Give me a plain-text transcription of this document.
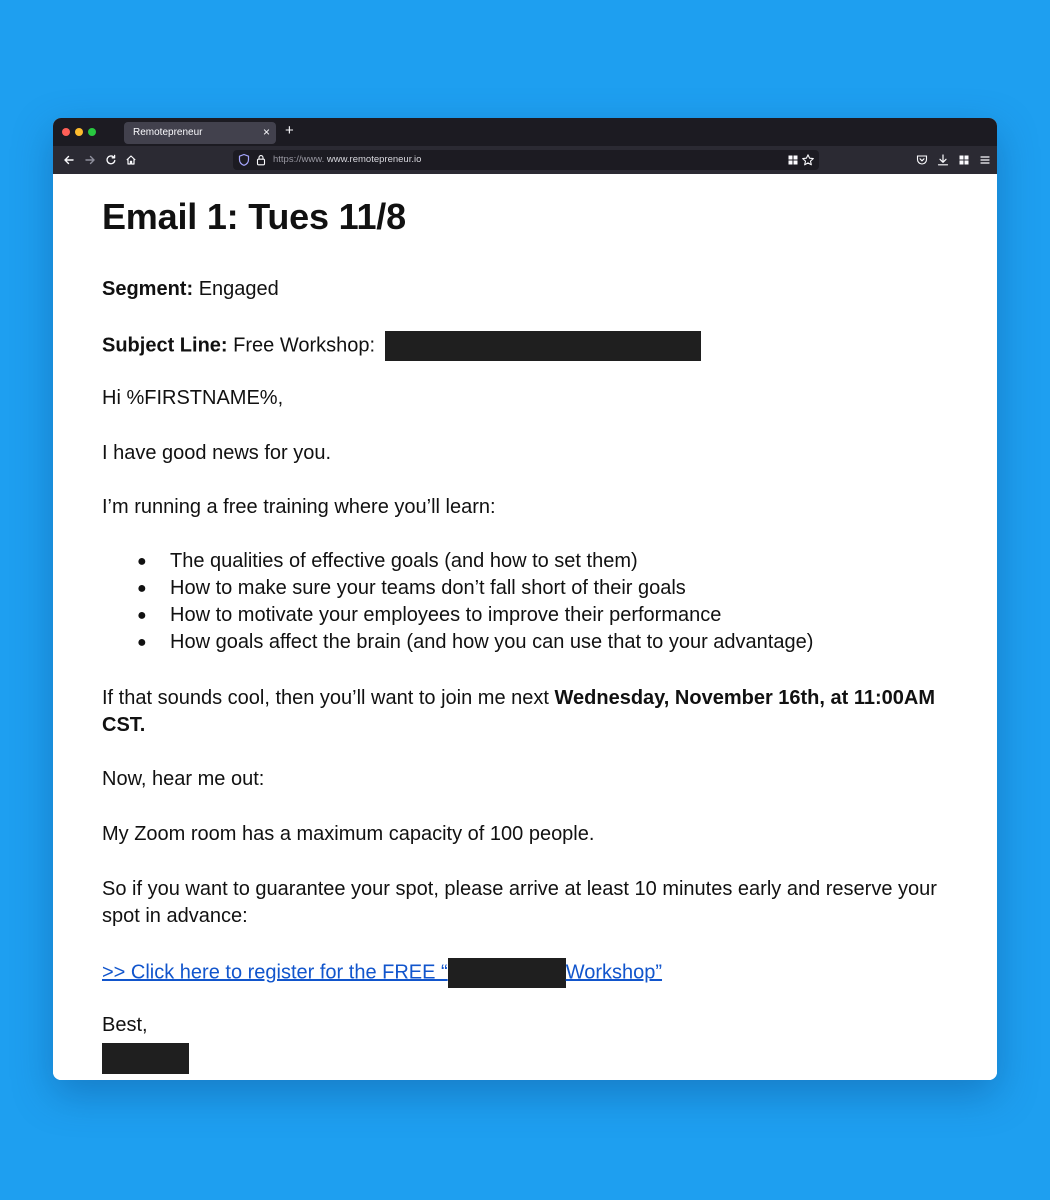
Remotepreneur	× +
https://www. www.remotepreneur.io
Email 1: Tues 11/8
Segment: Engaged
Subject Line: Free Workshop:
Hi %FIRSTNAME%,
I have good news for you.
I’m running a free training where you’ll learn:
● The qualities of effective goals (and how to set them)
● How to make sure your teams don’t fall short of their goals
● How to motivate your employees to improve their performance
● How goals affect the brain (and how you can use that to your advantage)
If that sounds cool, then you’ll want to join me next Wednesday, November 16th, at 11:00AM
CST.
Now, hear me out:
My Zoom room has a maximum capacity of 100 people.
So if you want to guarantee your spot, please arrive at least 10 minutes early and reserve your
spot in advance:
>> Click here to register for the FREE “	Workshop”
Best,
